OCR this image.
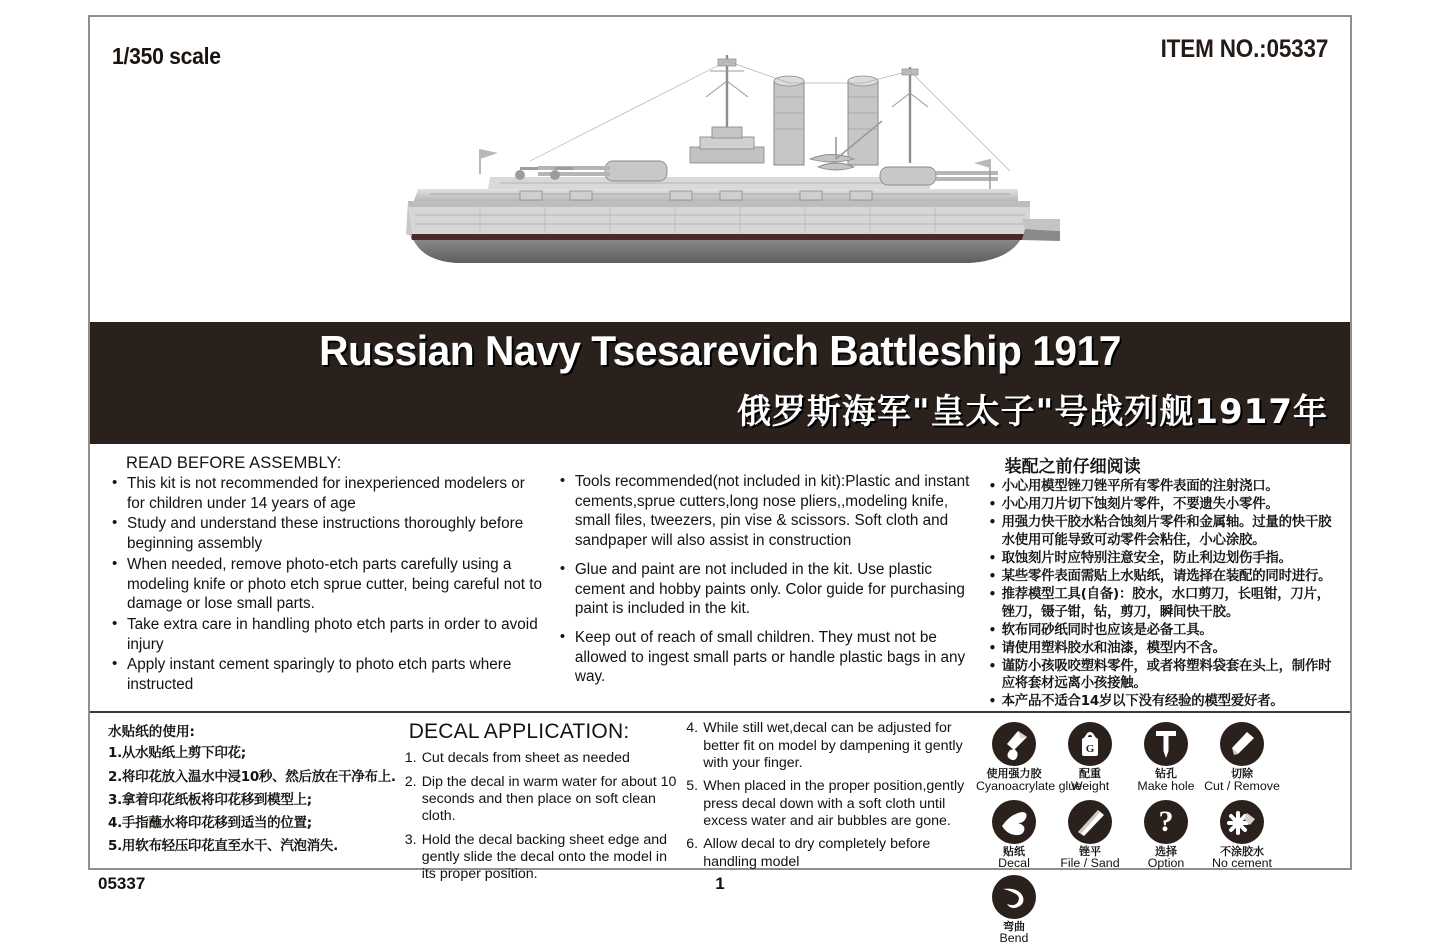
1/350 scale	ITEM NO.:05337
Russian Navy Tsesarevich Battleship 1917
俄罗斯海军"皇太子"号战列舰1917年
READ BEFORE ASSEMBLY:
• This kit is not recommended for inexperienced modelers or for children under 14 years of age
• Study and understand these instructions thoroughly before beginning assembly
• When needed, remove photo-etch parts carefully using a modeling knife or photo etch sprue cutter, being careful not to damage or lose small parts.
• Take extra care in handling photo etch parts in order to avoid injury
• Apply instant cement sparingly to photo etch parts where instructed
• Tools recommended(not included in kit):Plastic and instant cements,sprue cutters,long nose pliers,,modeling knife, small files, tweezers, pin vise & scissors. Soft cloth and sandpaper will also assist in construction
• Glue and paint are not included in the kit. Use plastic cement and hobby paints only. Color guide for purchasing paint is included in the kit.
• Keep out of reach of small children. They must not be allowed to ingest small parts or handle plastic bags in any way.
装配之前仔细阅读
• 小心用模型锉刀锉平所有零件表面的注射浇口。
• 小心用刀片切下蚀刻片零件，不要遗失小零件。
• 用强力快干胶水粘合蚀刻片零件和金属轴。过量的快干胶水使用可能导致可动零件会粘住，小心涂胶。
• 取蚀刻片时应特别注意安全，防止利边划伤手指。
• 某些零件表面需贴上水贴纸，请选择在装配的同时进行。
• 推荐模型工具(自备)：胶水，水口剪刀，长咀钳，刀片，锉刀，镊子钳，钻，剪刀，瞬间快干胶。
• 软布同砂纸同时也应该是必备工具。
• 请使用塑料胶水和油漆，模型内不含。
• 谨防小孩吸咬塑料零件，或者将塑料袋套在头上，制作时应将套材远离小孩接触。
• 本产品不适合14岁以下没有经验的模型爱好者。
水贴纸的使用:
1.从水贴纸上剪下印花;
2.将印花放入温水中浸10秒、然后放在干净布上.
3.拿着印花纸板将印花移到模型上;
4.手指蘸水将印花移到适当的位置;
5.用软布轻压印花直至水干、汽泡消失.
DECAL APPLICATION:
1. Cut decals from sheet as needed
2. Dip the decal in warm water for about 10 seconds and then place on soft clean cloth.
3. Hold the decal backing sheet edge and gently slide the decal onto the model in its proper position.
4. While still wet,decal can be adjusted for better fit on model by dampening it gently with your finger.
5. When placed in the proper position,gently press decal down with a soft cloth until excess water and air bubbles are gone.
6. Allow decal to dry completely before handling model
使用强力胶
Cyanoacrylate glue
G
配重
Weight
钻孔
Make hole
切除
Cut / Remove
贴纸
Decal
锉平
File / Sand
?
选择
Option
不涂胶水
No cement
弯曲
Bend
05337	1
